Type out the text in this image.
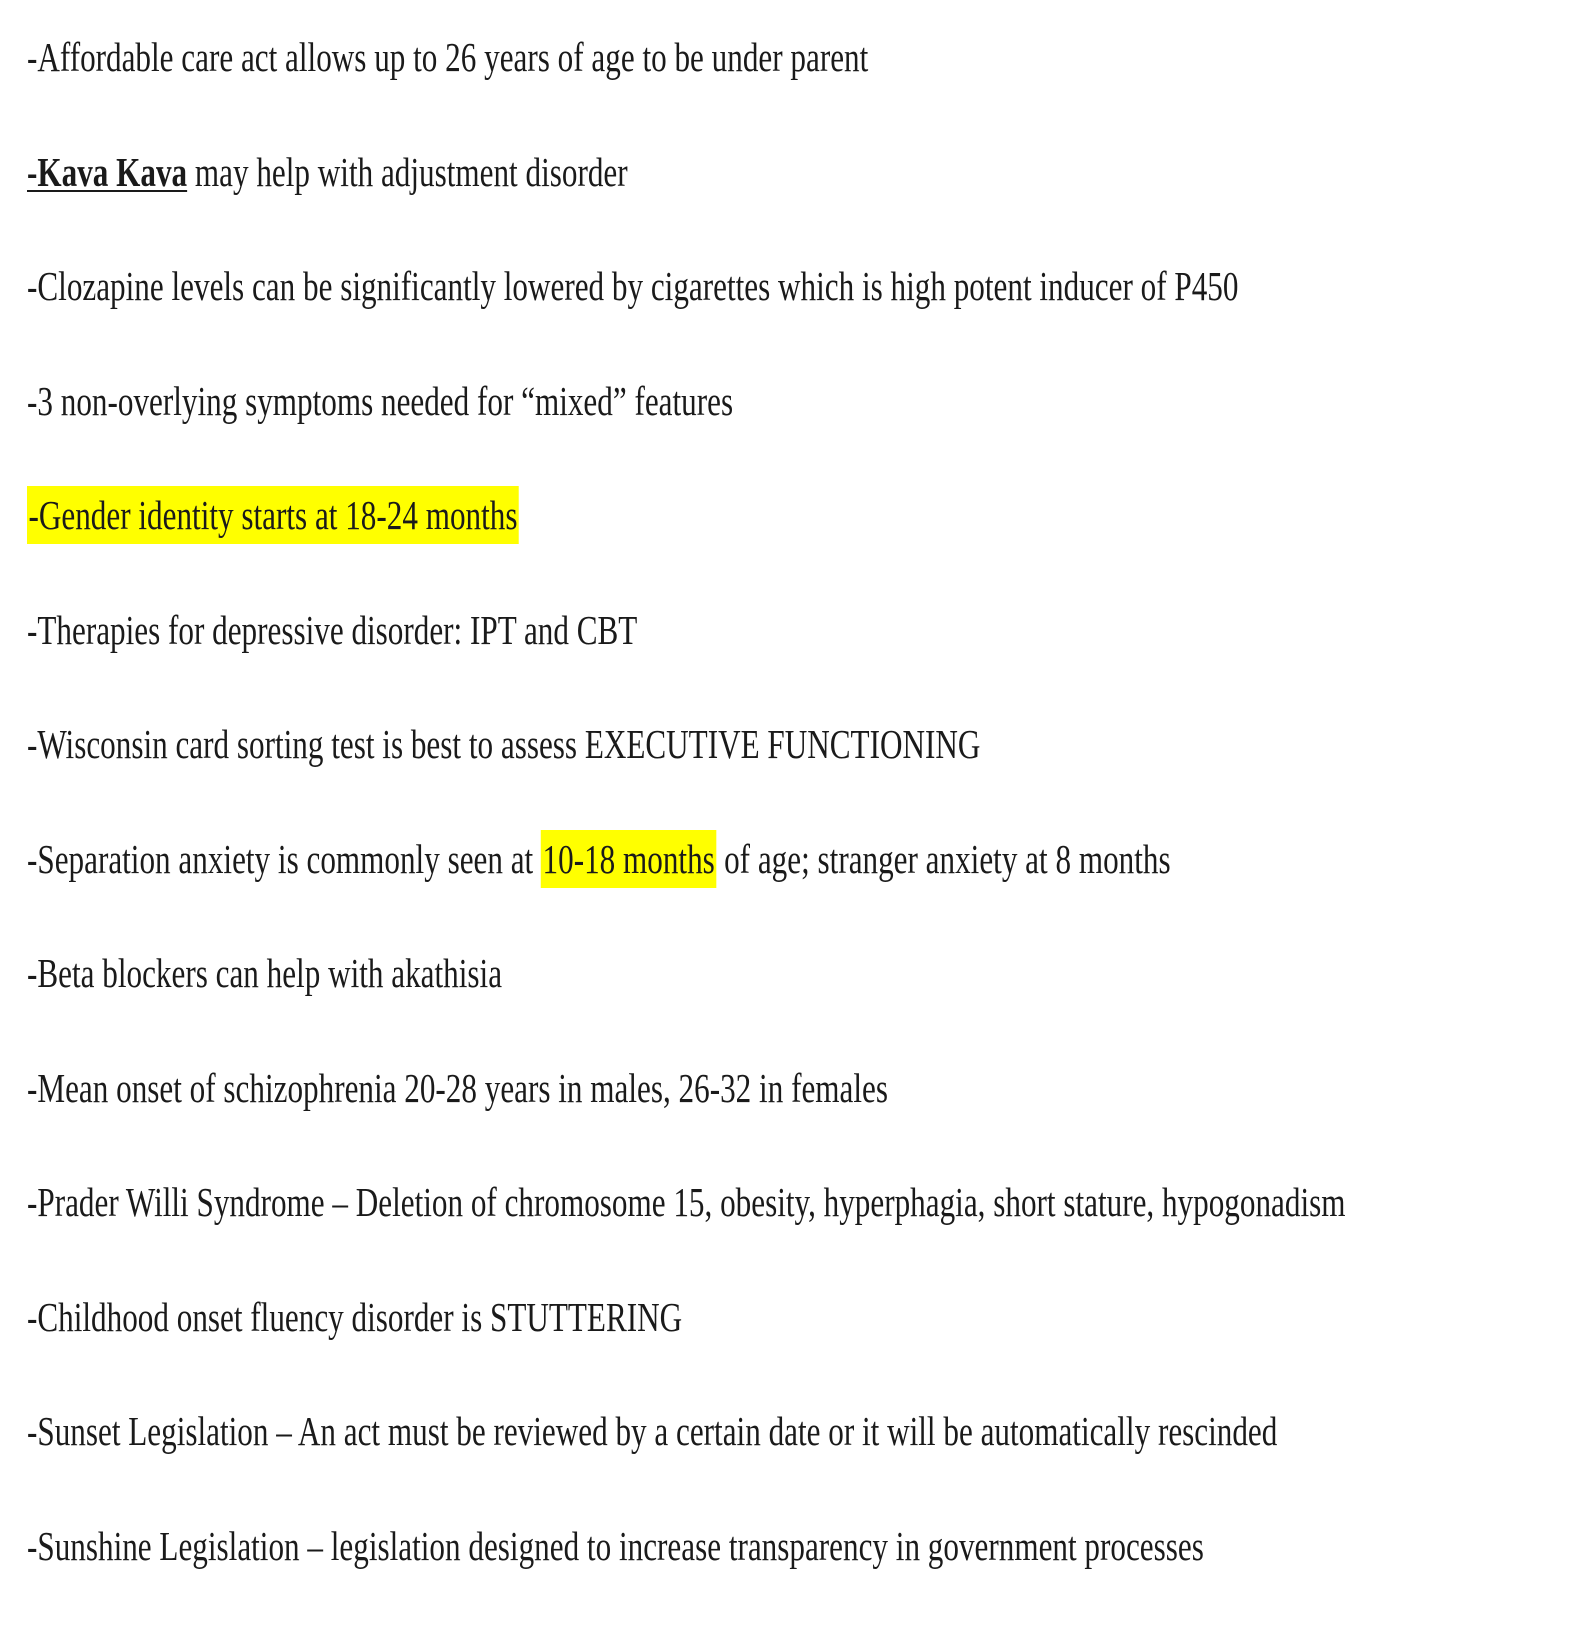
-Affordable care act allows up to 26 years of age to be under parent
-Kava Kava may help with adjustment disorder
-Clozapine levels can be significantly lowered by cigarettes which is high potent inducer of P450
-3 non-overlying symptoms needed for “mixed” features
-Gender identity starts at 18-24 months
-Therapies for depressive disorder: IPT and CBT
-Wisconsin card sorting test is best to assess EXECUTIVE FUNCTIONING
-Separation anxiety is commonly seen at 10-18 months of age; stranger anxiety at 8 months
-Beta blockers can help with akathisia
-Mean onset of schizophrenia 20-28 years in males, 26-32 in females
-Prader Willi Syndrome – Deletion of chromosome 15, obesity, hyperphagia, short stature, hypogonadism
-Childhood onset fluency disorder is STUTTERING
-Sunset Legislation – An act must be reviewed by a certain date or it will be automatically rescinded
-Sunshine Legislation – legislation designed to increase transparency in government processes
